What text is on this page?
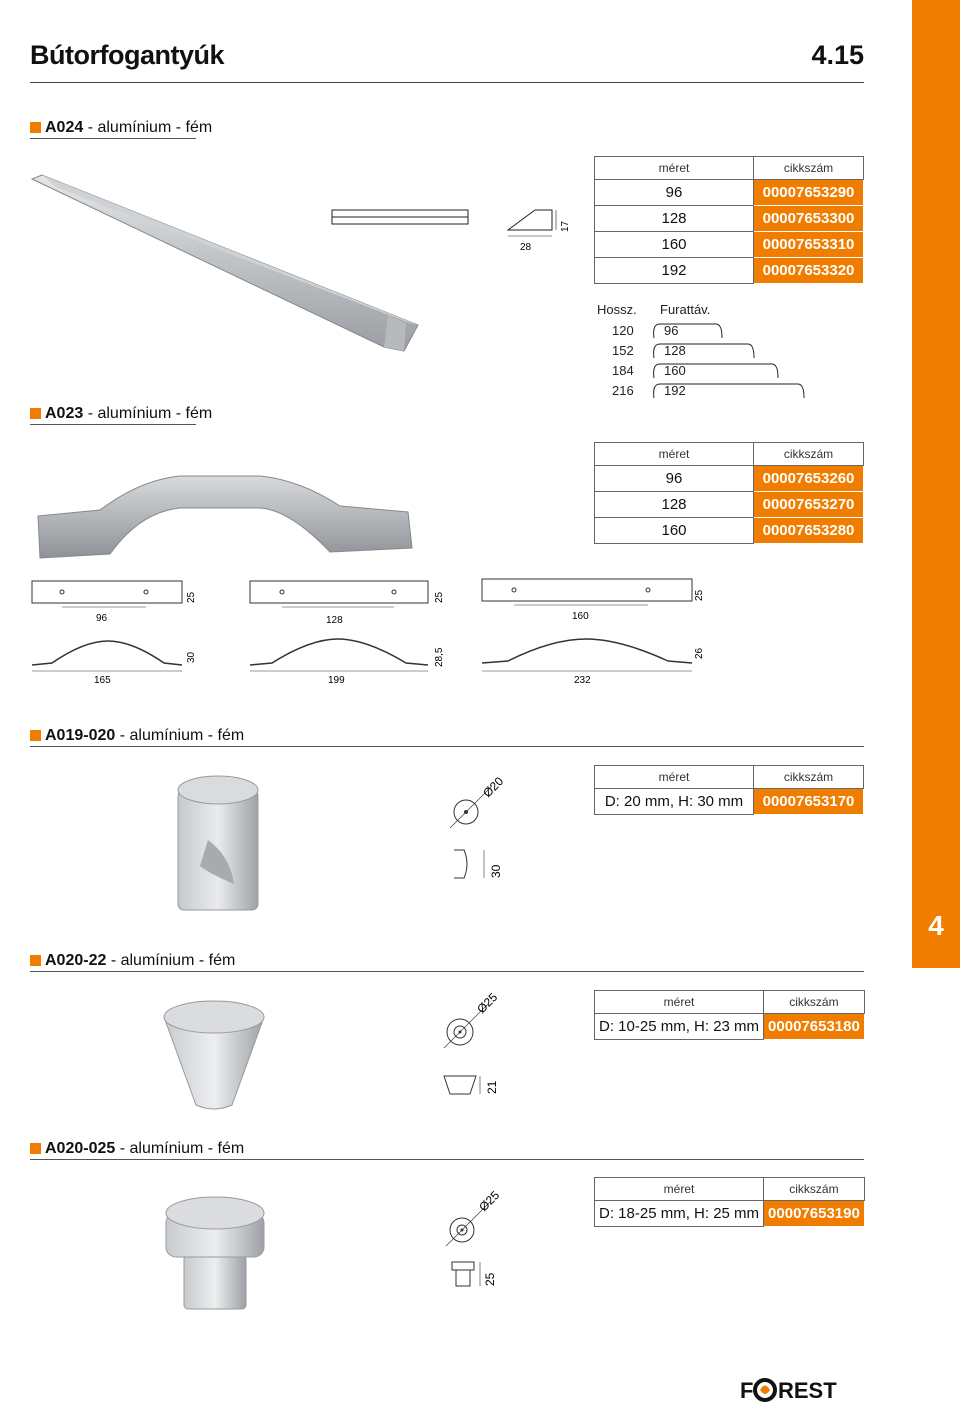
Bútorfogantyúk	4.15
4
A024 - alumínium - fém
28
17
méret	cikkszám
96	00007653290
128	00007653300
160	00007653310
192	00007653320
Hossz. Furattáv.
120 96
152 128
184 160
216 192
A023 - alumínium - fém
méret	cikkszám
96	00007653260
128	00007653270
160	00007653280
96
25
128
25
160
25
165
30
199
28,5
232
26
A019-020 - alumínium - fém
Ø20
30
méret	cikkszám
D: 20 mm, H: 30 mm	00007653170
A020-22 - alumínium - fém
Ø25
21
méret	cikkszám
D: 10-25 mm, H: 23 mm	00007653180
A020-025 - alumínium - fém
Ø25
25
méret	cikkszám
D: 18-25 mm, H: 25 mm	00007653190
F REST
